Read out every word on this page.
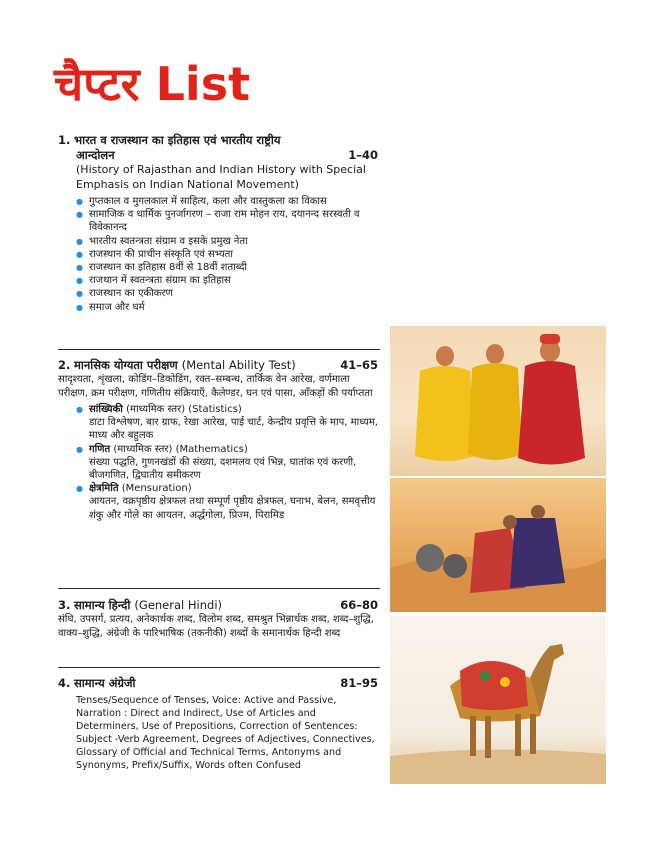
चैप्टर List
1. भारत व राजस्थान का इतिहास एवं भारतीय राष्ट्रीय
आन्दोलन	1–40
(History of Rajasthan and Indian History with Special Emphasis on Indian National Movement)
● गुप्तकाल व मुगलकाल में साहित्य, कला और वास्तुकला का विकास
● सामाजिक व धार्मिक पुनर्जागरण – राजा राम मोहन राय, दयानन्द सरस्वती व विवेकानन्द
● भारतीय स्वतन्त्रता संग्राम व इसके प्रमुख नेता
● राजस्थान की प्राचीन संस्कृति एवं सभ्यता
● राजस्थान का इतिहास 8वीं से 18वीं शताब्दी
● राजथान में स्वतन्त्रता संग्राम का इतिहास
● राजस्थान का एकीकरण
● समाज और धर्म
2. मानसिक योग्यता परीक्षण (Mental Ability Test)	41–65
सादृश्यता, शृंखला, कोडिंग–डिकोडिंग, रक्त–सम्बन्ध, तार्किक वेन आरेख, वर्णमाला परीक्षण, क्रम परीक्षण, गणितीय संक्रियाएँ, कैलेण्डर, घन एवं पासा, आँकड़ों की पर्याप्तता
● सांख्यिकी (माध्यमिक स्तर) (Statistics)
डाटा विश्लेषण, बार ग्राफ, रेखा आरेख, पाई चार्ट, केन्द्रीय प्रवृत्ति के माप, माध्यम, माध्य और बहुलक
● गणित (माध्यमिक स्तर) (Mathematics)
संख्या पद्धति, गुणनखंडों की संख्या, दशमलव एवं भिन्न, घातांक एवं करणी, बीजगणित, द्विघातीय समीकरण
● क्षेत्रमिति (Mensuration)
आयतन, वक्रपृष्ठीय क्षेत्रफल तथा सम्पूर्ण पृष्ठीय क्षेत्रफल, घनाभ, बेलन, समवृत्तीय शंकु और गोले का आयतन, अर्द्धगोला, प्रिज्म, पिरामिड
3. सामान्य हिन्दी (General Hindi)	66–80
संधि, उपसर्ग, प्रत्यय, अनेकार्थक शब्द, विलोम शब्द, समश्रुत भिन्नार्थक शब्द, शब्द–शुद्धि, वाक्य–शुद्धि, अंग्रेजी के पारिभाषिक (तकनीकी) शब्दों के समानार्थक हिन्दी शब्द
4. सामान्य अंग्रेजी	81–95
Tenses/Sequence of Tenses, Voice: Active and Passive, Narration : Direct and Indirect, Use of Articles and Determiners, Use of Prepositions, Correction of Sentences: Subject -Verb Agreement, Degrees of Adjectives, Connectives, Glossary of Official and Technical Terms, Antonyms and Synonyms, Prefix/Suffix, Words often Confused
